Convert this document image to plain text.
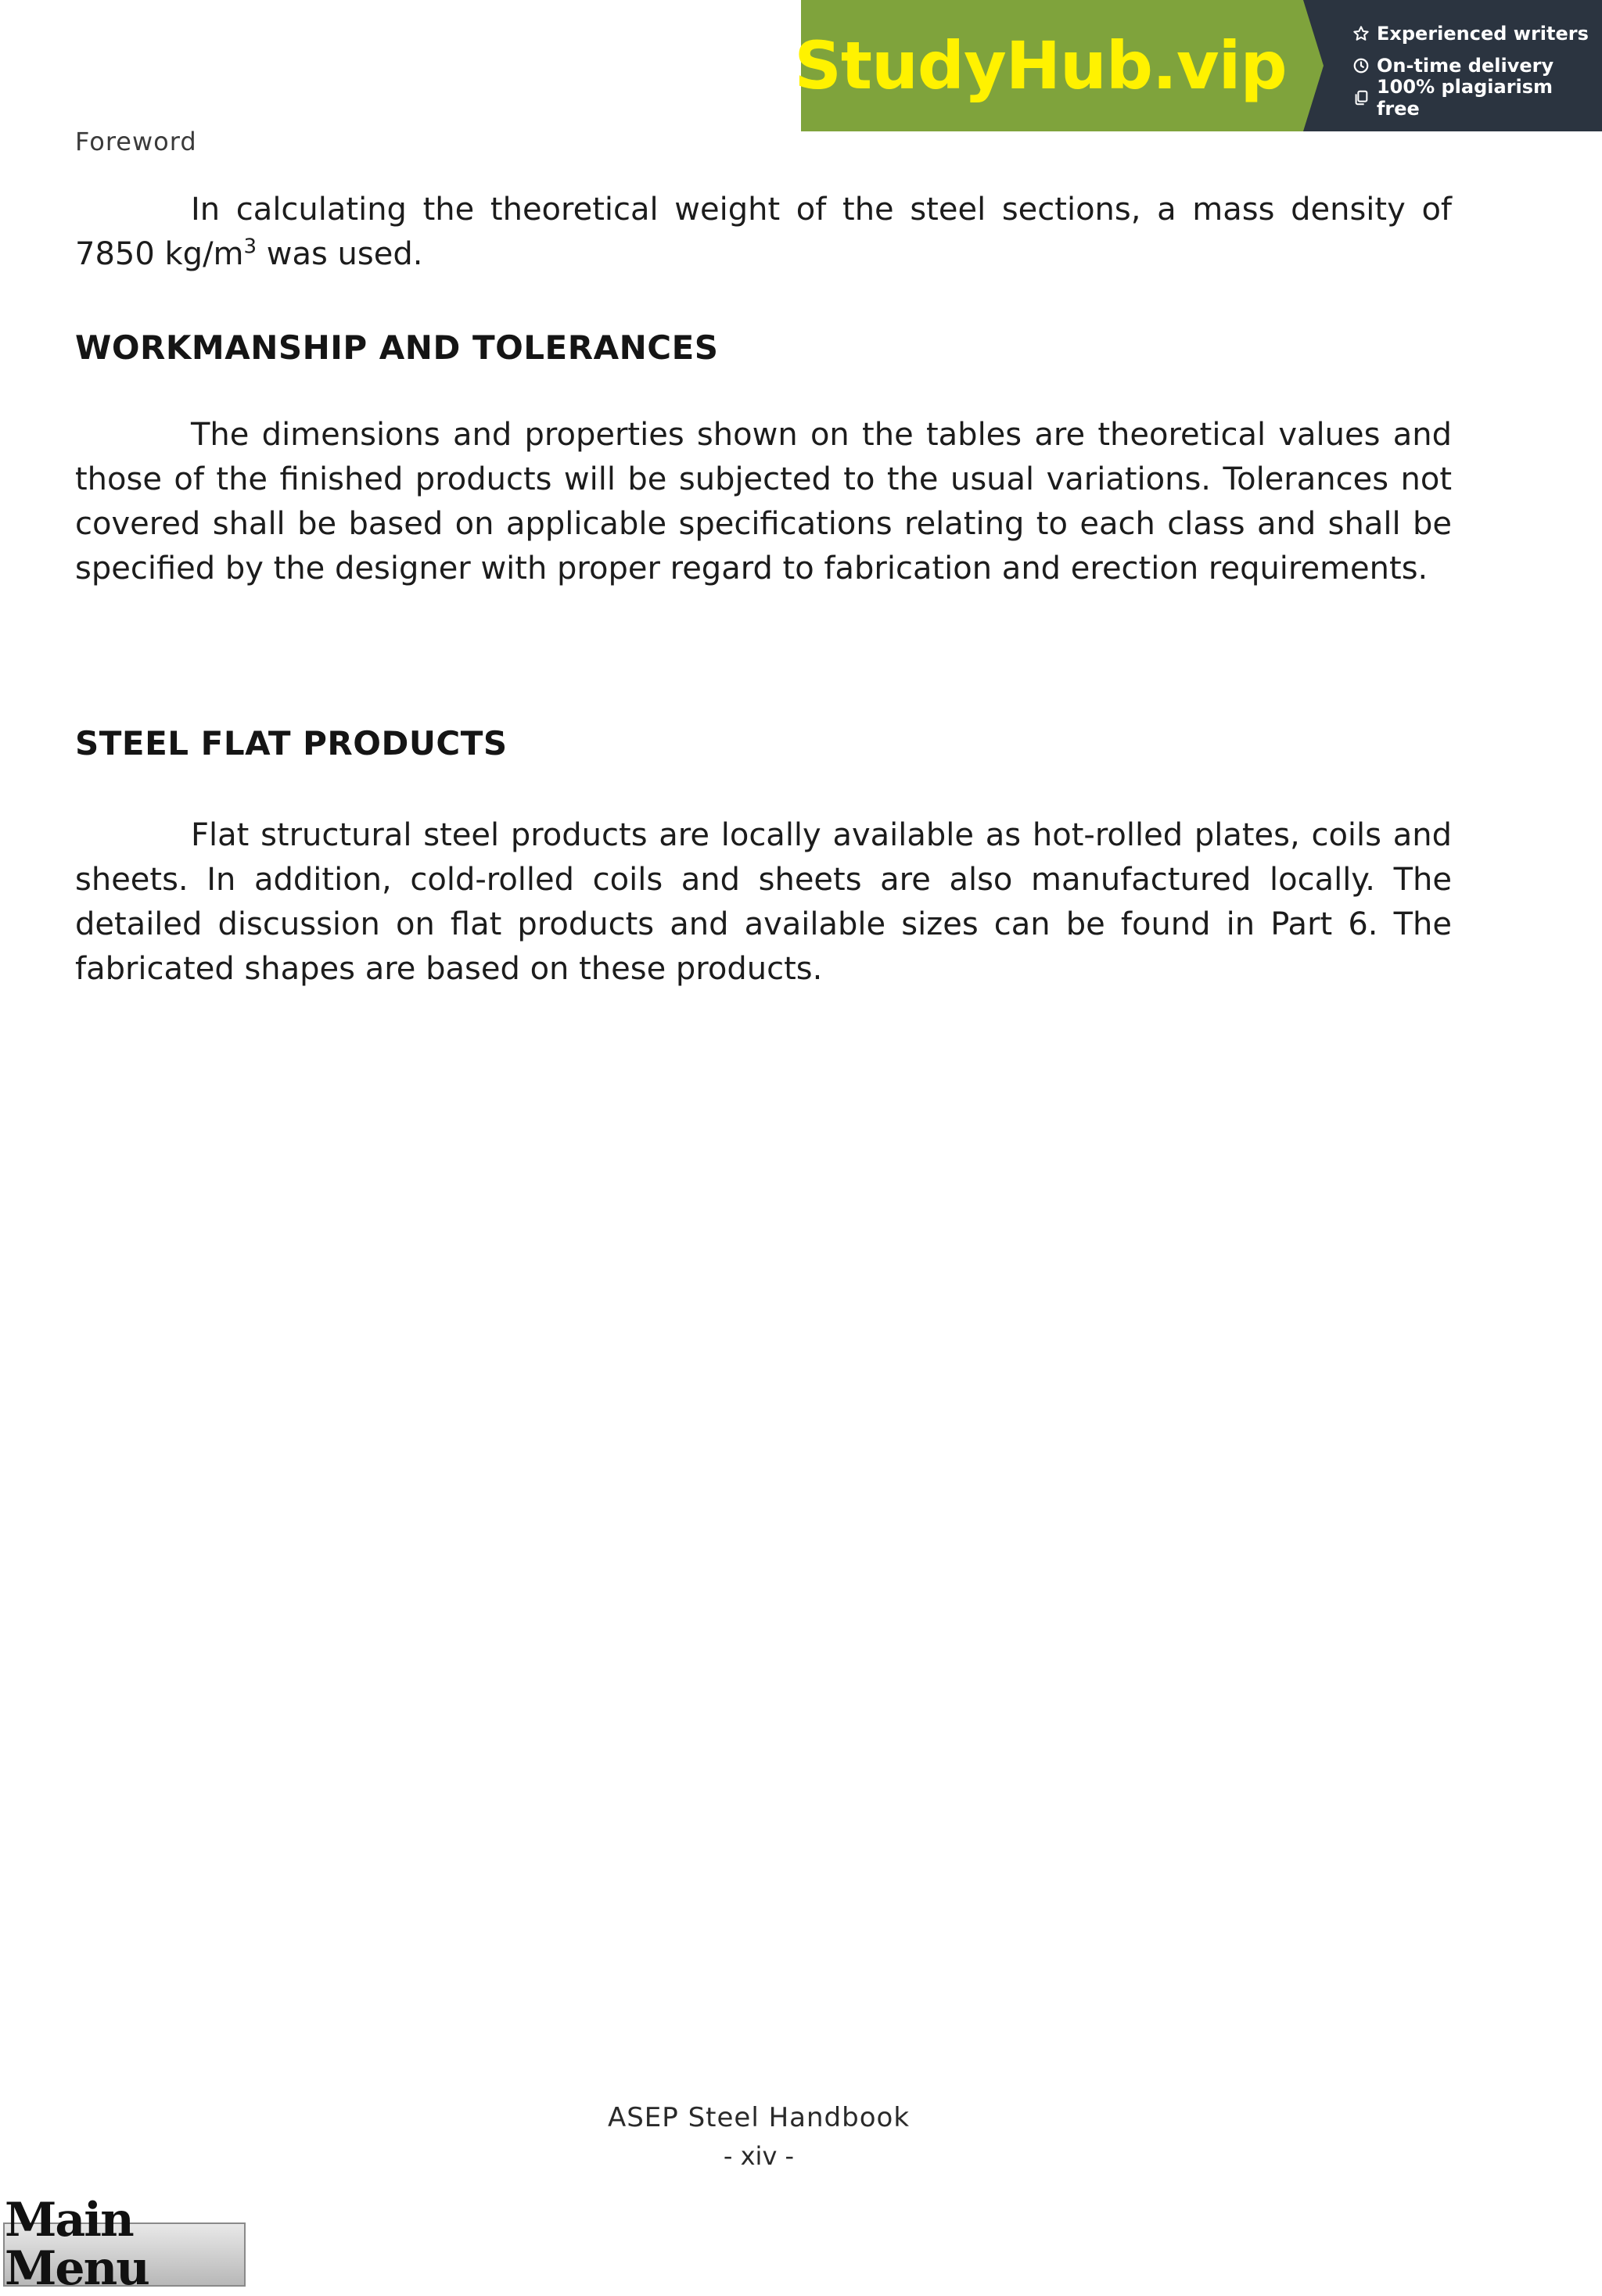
StudyHub.vip	Experienced writers
On-time delivery
100% plagiarism free
Foreword

In calculating the theoretical weight of the steel sections, a mass density of 7850 $kg/m^3$ was used.

WORKMANSHIP AND TOLERANCES

The dimensions and properties shown on the tables are theoretical values and those of the finished products will be subjected to the usual variations. Tolerances not covered shall be based on applicable specifications relating to each class and shall be specified by the designer with proper regard to fabrication and erection requirements.

STEEL FLAT PRODUCTS

Flat structural steel products are locally available as hot-rolled plates, coils and sheets. In addition, cold-rolled coils and sheets are also manufactured locally. The detailed discussion on flat products and available sizes can be found in Part 6. The fabricated shapes are based on these products.

ASEP Steel Handbook
- xiv -
Main Menu
